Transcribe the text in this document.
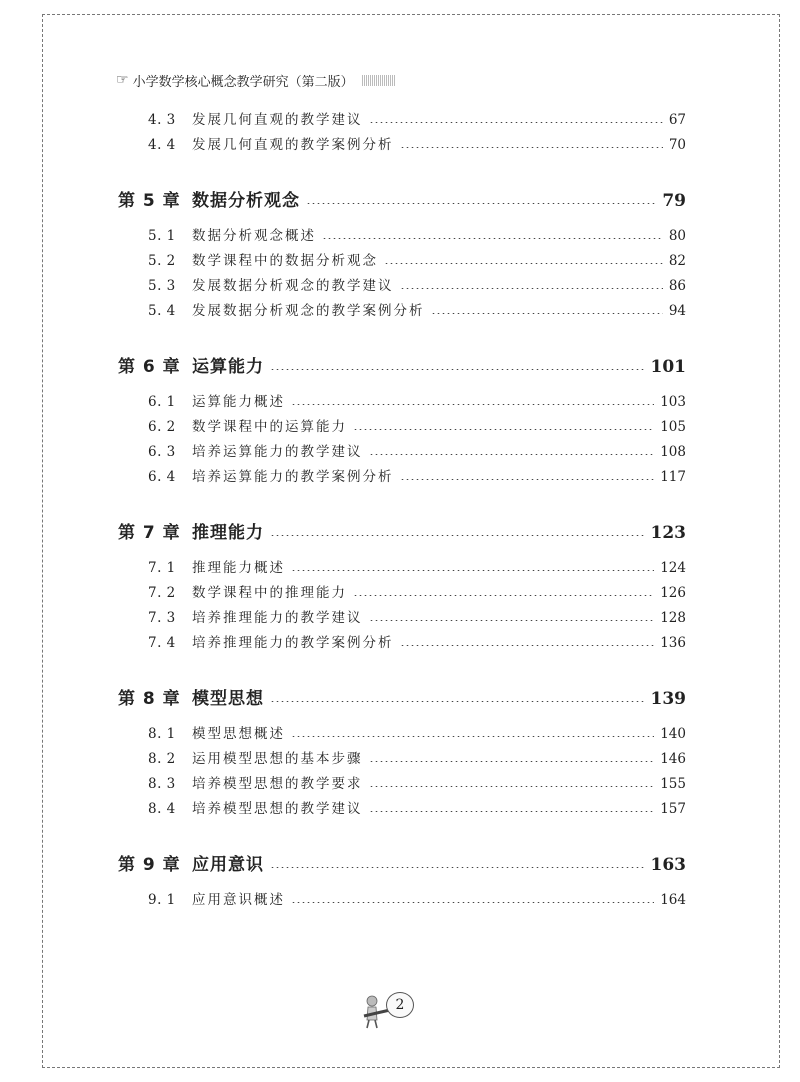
☞ 小学数学核心概念教学研究（第二版）
4. 3	发展几何直观的教学建议	67
4. 4	发展几何直观的教学案例分析	70
第 5 章 数据分析观念	79
5. 1	数据分析观念概述	80
5. 2	数学课程中的数据分析观念	82
5. 3	发展数据分析观念的教学建议	86
5. 4	发展数据分析观念的教学案例分析	94
第 6 章 运算能力	101
6. 1	运算能力概述	103
6. 2	数学课程中的运算能力	105
6. 3	培养运算能力的教学建议	108
6. 4	培养运算能力的教学案例分析	117
第 7 章 推理能力	123
7. 1	推理能力概述	124
7. 2	数学课程中的推理能力	126
7. 3	培养推理能力的教学建议	128
7. 4	培养推理能力的教学案例分析	136
第 8 章 模型思想	139
8. 1	模型思想概述	140
8. 2	运用模型思想的基本步骤	146
8. 3	培养模型思想的教学要求	155
8. 4	培养模型思想的教学建议	157
第 9 章 应用意识	163
9. 1	应用意识概述	164
2
